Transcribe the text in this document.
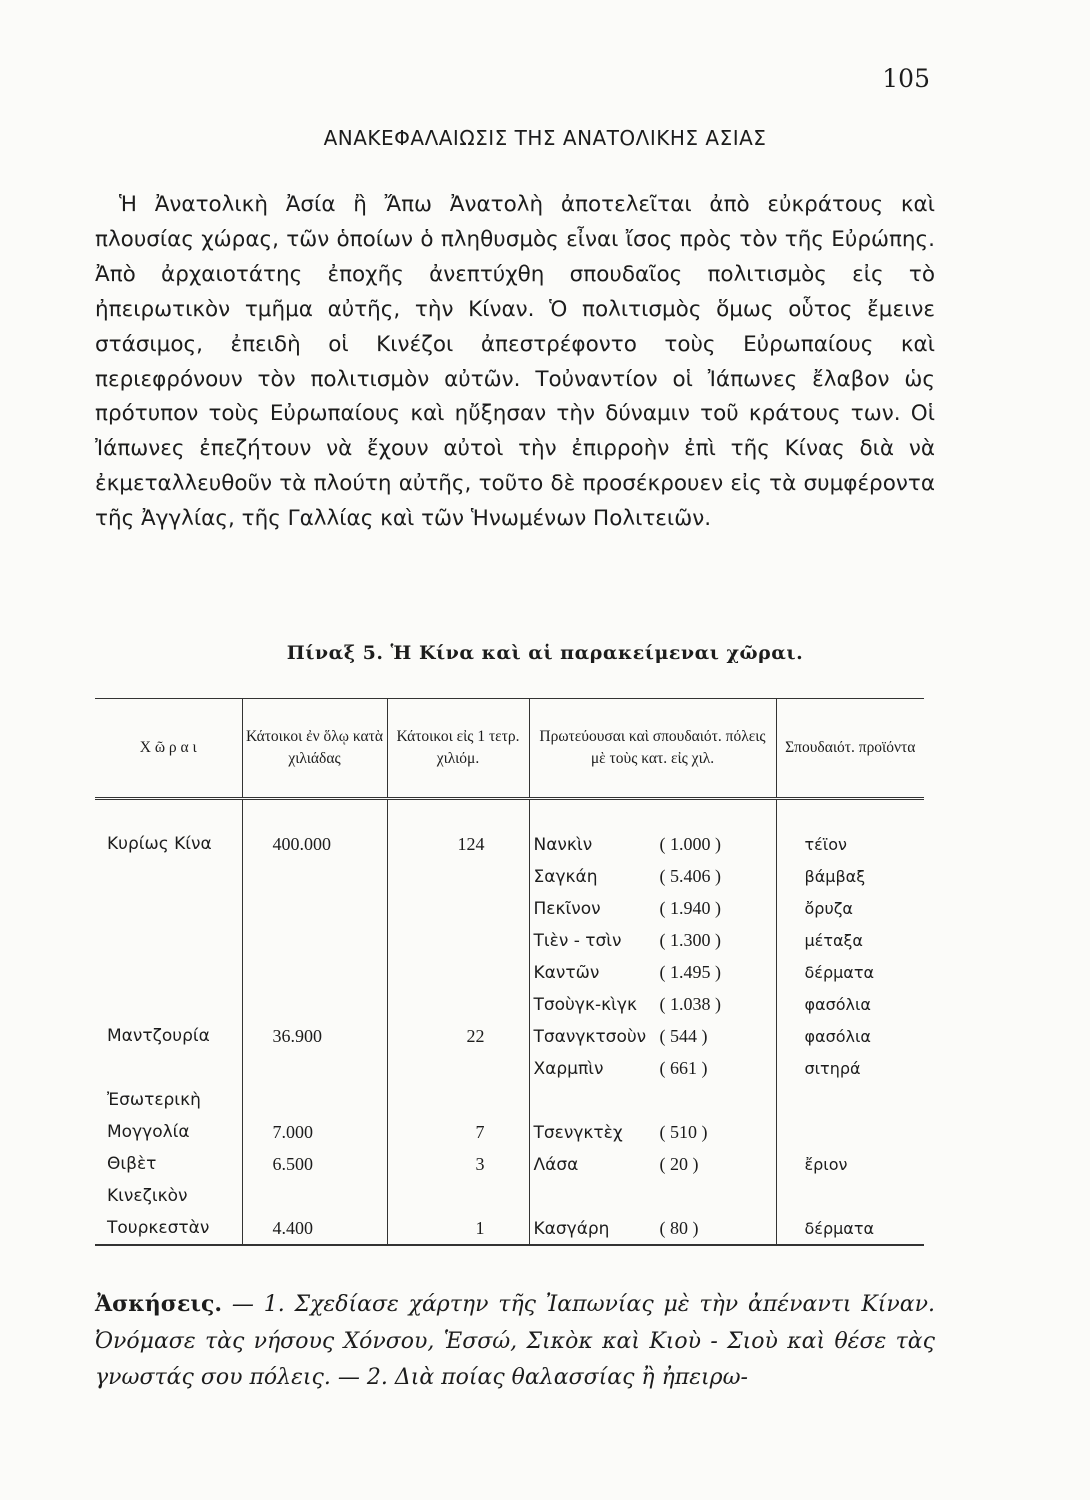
105
ΑΝΑΚΕΦΑΛΑΙΩΣΙΣ ΤΗΣ ΑΝΑΤΟΛΙΚΗΣ ΑΣΙΑΣ

Ἡ Ἀνατολικὴ Ἀσία ἢ Ἄπω Ἀνατολὴ ἀποτελεῖται ἀπὸ εὐκράτους καὶ πλουσίας χώρας, τῶν ὁποίων ὁ πληθυσμὸς εἶναι ἴσος πρὸς τὸν τῆς Εὐρώπης. Ἀπὸ ἀρχαιοτάτης ἐποχῆς ἀνεπτύχθη σπουδαῖος πολιτισμὸς εἰς τὸ ἠπειρωτικὸν τμῆμα αὐτῆς, τὴν Κίναν. Ὁ πολιτισμὸς ὅμως οὗτος ἔμεινε στάσιμος, ἐπειδὴ οἱ Κινέζοι ἀπεστρέφοντο τοὺς Εὐρωπαίους καὶ περιεφρόνουν τὸν πολιτισμὸν αὐτῶν. Τοὐναντίον οἱ Ἰάπωνες ἔλαβον ὡς πρότυπον τοὺς Εὐρωπαίους καὶ ηὔξησαν τὴν δύναμιν τοῦ κράτους των. Οἱ Ἰάπωνες ἐπεζήτουν νὰ ἔχουν αὐτοὶ τὴν ἐπιρροὴν ἐπὶ τῆς Κίνας διὰ νὰ ἐκμεταλλευθοῦν τὰ πλούτη αὐτῆς, τοῦτο δὲ προσέκρουεν εἰς τὰ συμφέροντα τῆς Ἀγγλίας, τῆς Γαλλίας καὶ τῶν Ἡνωμένων Πολιτειῶν.

Πίναξ 5. Ἡ Κίνα καὶ αἱ παρακείμεναι χῶραι.
Χ ῶ ρ α ι	Κάτοικοι ἐν ὅλῳ κατὰ χιλιάδας	Κάτοικοι εἰς 1 τετρ. χιλιόμ.	Πρωτεύουσαι καὶ σπουδαιότ. πόλεις μὲ τοὺς κατ. εἰς χιλ.	Σπουδαιότ. προϊόντα
Κυρίως Κίνα	400.000	124	Νανκὶν ( 1.000 )	τέϊον
			Σαγκάη ( 5.406 )	βάμβαξ
			Πεκῖνον ( 1.940 )	ὄρυζα
			Τιὲν - τσὶν ( 1.300 )	μέταξα
			Καντῶν ( 1.495 )	δέρματα
			Τσοὺγκ-κὶγκ ( 1.038 )	φασόλια
Μαντζουρία	36.900	22	Τσανγκτσοὺν ( 544 )	φασόλια
			Χαρμπὶν ( 661 )	σιτηρά
Ἐσωτερικὴ				
Μογγολία	7.000	7	Τσενγκτὲχ ( 510 )	
Θιβὲτ	6.500	3	Λάσα ( 20 )	ἔριον
Κινεζικὸν				
Τουρκεστὰν	4.400	1	Κασγάρη ( 80 )	δέρματα

Ἀσκήσεις. — 1. Σχεδίασε χάρτην τῆς Ἰαπωνίας μὲ τὴν ἀπέναντι Κίναν. Ὀνόμασε τὰς νήσους Χόνσου, Ἑσσώ, Σικὸκ καὶ Κιοὺ - Σιοὺ καὶ θέσε τὰς γνωστάς σου πόλεις. — 2. Διὰ ποίας θαλασσίας ἢ ἠπειρω-
